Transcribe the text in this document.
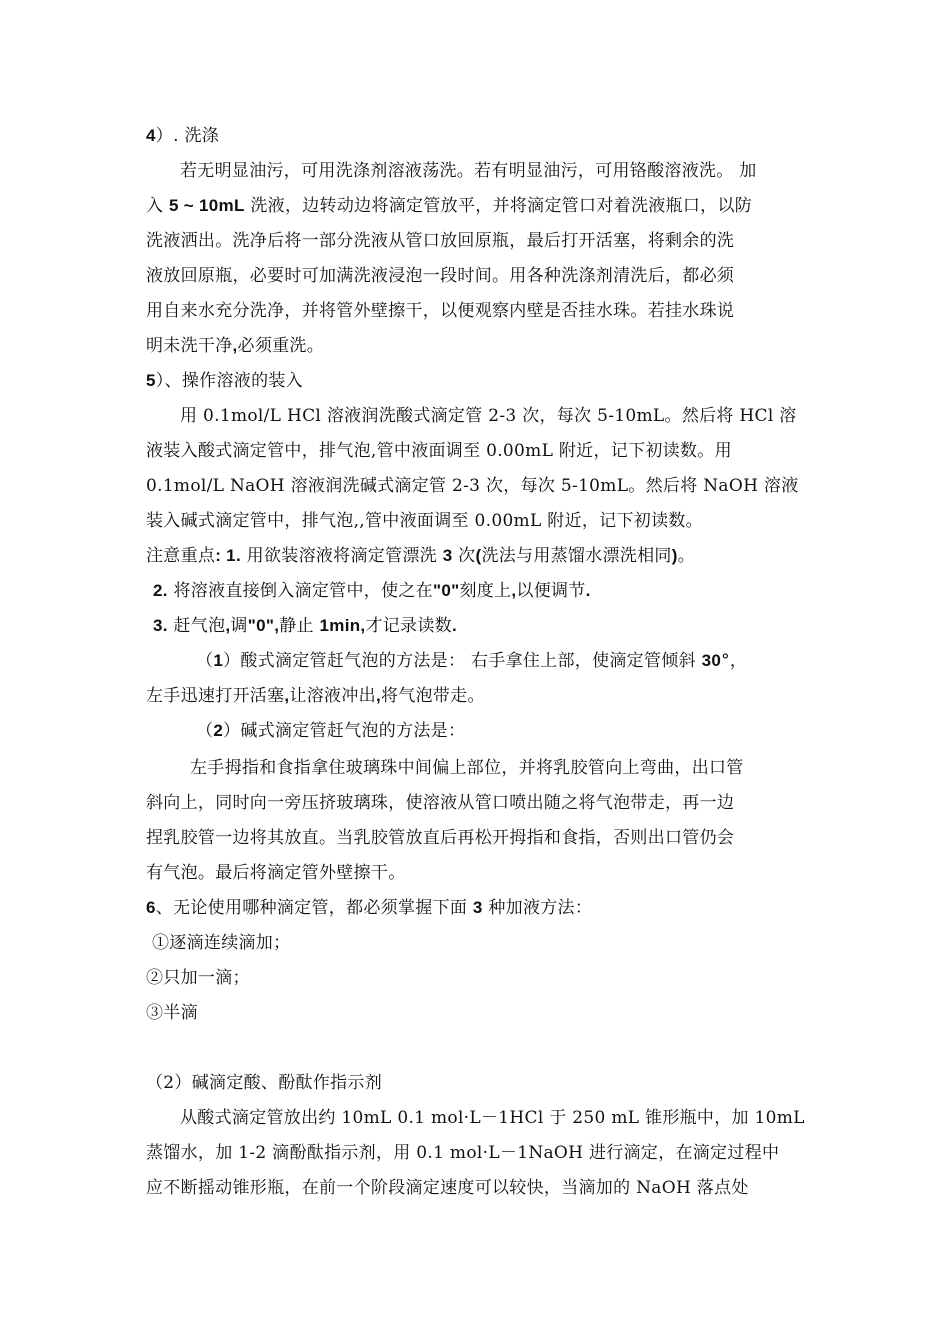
4）. 洗涤
若无明显油污，可用洗涤剂溶液荡洗。若有明显油污，可用铬酸溶液洗。 加
入 5 ~ 10mL 洗液，边转动边将滴定管放平，并将滴定管口对着洗液瓶口，以防
洗液洒出。洗净后将一部分洗液从管口放回原瓶，最后打开活塞，将剩余的洗
液放回原瓶，必要时可加满洗液浸泡一段时间。用各种洗涤剂清洗后，都必须
用自来水充分洗净，并将管外壁擦干，以便观察内壁是否挂水珠。若挂水珠说
明未洗干净,必须重洗。
5）、操作溶液的装入
用 0.1mol/L HCl 溶液润洗酸式滴定管 2-3 次，每次 5-10mL。然后将 HCl 溶
液装入酸式滴定管中，排气泡,管中液面调至 0.00mL 附近，记下初读数。用
0.1mol/L NaOH 溶液润洗碱式滴定管 2-3 次，每次 5-10mL。然后将 NaOH 溶液
装入碱式滴定管中，排气泡,,管中液面调至 0.00mL 附近，记下初读数。
注意重点: 1. 用欲装溶液将滴定管漂洗 3 次(洗法与用蒸馏水漂洗相同)。
2. 将溶液直接倒入滴定管中，使之在"0"刻度上,以便调节.
3. 赶气泡,调"0",静止 1min,才记录读数.
（1）酸式滴定管赶气泡的方法是： 右手拿住上部，使滴定管倾斜 30°，
左手迅速打开活塞,让溶液冲出,将气泡带走。
（2）碱式滴定管赶气泡的方法是：
左手拇指和食指拿住玻璃珠中间偏上部位，并将乳胶管向上弯曲，出口管
斜向上，同时向一旁压挤玻璃珠，使溶液从管口喷出随之将气泡带走，再一边
捏乳胶管一边将其放直。当乳胶管放直后再松开拇指和食指，否则出口管仍会
有气泡。最后将滴定管外壁擦干。
6、无论使用哪种滴定管，都必须掌握下面 3 种加液方法：
①逐滴连续滴加；
②只加一滴；
③半滴
（2）碱滴定酸、酚酞作指示剂
从酸式滴定管放出约 10mL 0.1 mol·L－1HCl 于 250 mL 锥形瓶中，加 10mL
蒸馏水，加 1-2 滴酚酞指示剂，用 0.1 mol·L－1NaOH 进行滴定，在滴定过程中
应不断摇动锥形瓶，在前一个阶段滴定速度可以较快，当滴加的 NaOH 落点处
